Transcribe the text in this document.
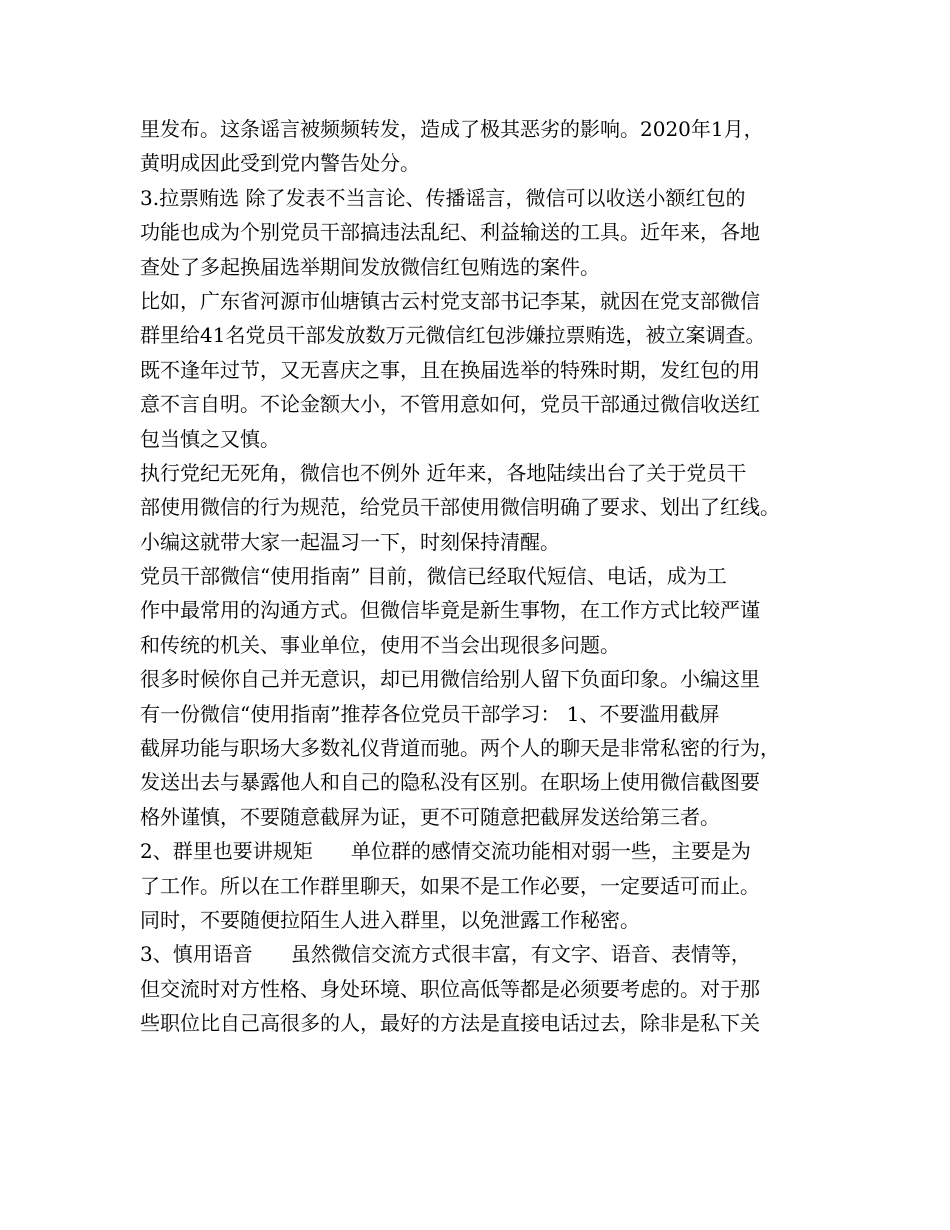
里发布。这条谣言被频频转发，造成了极其恶劣的影响。2020年1月，
黄明成因此受到党内警告处分。
3.拉票贿选 除了发表不当言论、传播谣言，微信可以收送小额红包的
功能也成为个别党员干部搞违法乱纪、利益输送的工具。近年来，各地
查处了多起换届选举期间发放微信红包贿选的案件。
比如，广东省河源市仙塘镇古云村党支部书记李某，就因在党支部微信
群里给41名党员干部发放数万元微信红包涉嫌拉票贿选，被立案调查。
既不逢年过节，又无喜庆之事，且在换届选举的特殊时期，发红包的用
意不言自明。不论金额大小，不管用意如何，党员干部通过微信收送红
包当慎之又慎。
执行党纪无死角，微信也不例外 近年来，各地陆续出台了关于党员干
部使用微信的行为规范，给党员干部使用微信明确了要求、划出了红线。
小编这就带大家一起温习一下，时刻保持清醒。
党员干部微信“使用指南” 目前，微信已经取代短信、电话，成为工
作中最常用的沟通方式。但微信毕竟是新生事物，在工作方式比较严谨
和传统的机关、事业单位，使用不当会出现很多问题。
很多时候你自己并无意识，却已用微信给别人留下负面印象。小编这里
有一份微信“使用指南”推荐各位党员干部学习： 1、不要滥用截屏
截屏功能与职场大多数礼仪背道而驰。两个人的聊天是非常私密的行为，
发送出去与暴露他人和自己的隐私没有区别。在职场上使用微信截图要
格外谨慎，不要随意截屏为证，更不可随意把截屏发送给第三者。
2、群里也要讲规矩      单位群的感情交流功能相对弱一些，主要是为
了工作。所以在工作群里聊天，如果不是工作必要，一定要适可而止。
同时，不要随便拉陌生人进入群里，以免泄露工作秘密。
3、慎用语音      虽然微信交流方式很丰富，有文字、语音、表情等，
但交流时对方性格、身处环境、职位高低等都是必须要考虑的。对于那
些职位比自己高很多的人，最好的方法是直接电话过去，除非是私下关
